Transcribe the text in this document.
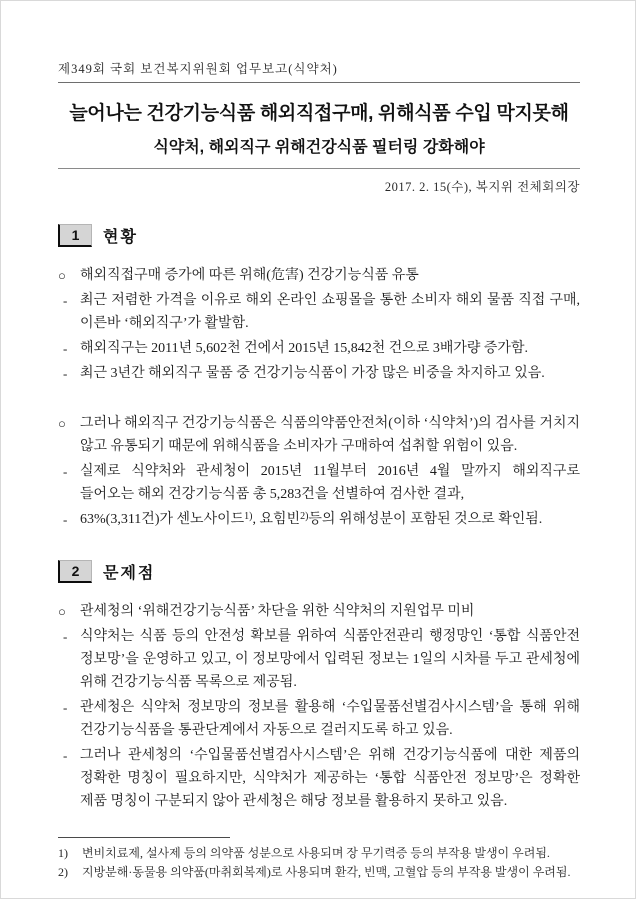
제349회 국회 보건복지위원회 업무보고(식약처)
늘어나는 건강기능식품 해외직접구매, 위해식품 수입 막지못해
식약처, 해외직구 위해건강식품 필터링 강화해야
2017. 2. 15(수), 복지위 전체회의장
1	현황
○ 해외직접구매 증가에 따른 위해(危害) 건강기능식품 유통
- 최근 저렴한 가격을 이유로 해외 온라인 쇼핑몰을 통한 소비자 해외 물품 직접 구매, 이른바 ‘해외직구’가 활발함.
- 해외직구는 2011년 5,602천 건에서 2015년 15,842천 건으로 3배가량 증가함.
- 최근 3년간 해외직구 물품 중 건강기능식품이 가장 많은 비중을 차지하고 있음.
○ 그러나 해외직구 건강기능식품은 식품의약품안전처(이하 ‘식약처’)의 검사를 거치지 않고 유통되기 때문에 위해식품을 소비자가 구매하여 섭취할 위험이 있음.
- 실제로 식약처와 관세청이 2015년 11월부터 2016년 4월 말까지 해외직구로 들어오는 해외 건강기능식품 총 5,283건을 선별하여 검사한 결과,
- 63%(3,311건)가 센노사이드$^{1)}$, 요힘빈$^{2)}$등의 위해성분이 포함된 것으로 확인됨.
2	문제점
○ 관세청의 ‘위해건강기능식품’ 차단을 위한 식약처의 지원업무 미비
- 식약처는 식품 등의 안전성 확보를 위하여 식품안전관리 행정망인 ‘통합 식품안전 정보망’을 운영하고 있고, 이 정보망에서 입력된 정보는 1일의 시차를 두고 관세청에 위해 건강기능식품 목록으로 제공됨.
- 관세청은 식약처 정보망의 정보를 활용해 ‘수입물품선별검사시스템’을 통해 위해 건강기능식품을 통관단계에서 자동으로 걸러지도록 하고 있음.
- 그러나 관세청의 ‘수입물품선별검사시스템’은 위해 건강기능식품에 대한 제품의 정확한 명칭이 필요하지만, 식약처가 제공하는 ‘통합 식품안전 정보망’은 정확한 제품 명칭이 구분되지 않아 관세청은 해당 정보를 활용하지 못하고 있음.
1) 변비치료제, 설사제 등의 의약품 성분으로 사용되며 장 무기력증 등의 부작용 발생이 우려됨.
2) 지방분해·동물용 의약품(마취회복제)로 사용되며 환각, 빈맥, 고혈압 등의 부작용 발생이 우려됨.
